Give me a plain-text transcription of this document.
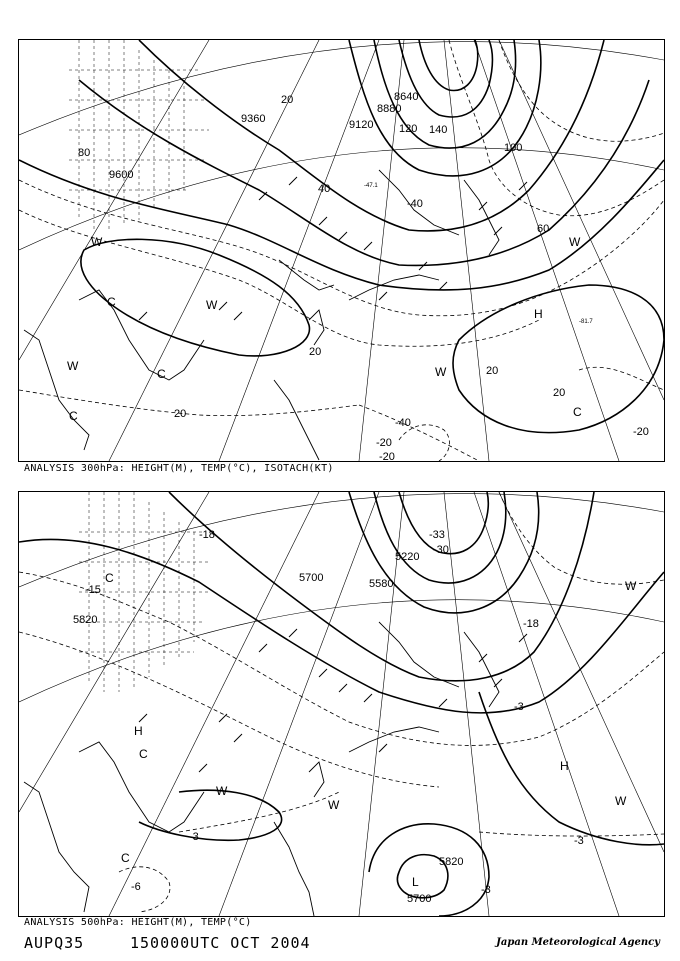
9600
9360	9120
8880
8640
-40
-47.1
-81.7
20
40
60
80	100
120 140
20
20
20
20
-20
-40
-20
-20
W
C
W
C
C
W
H
W
W
C
ANALYSIS 300hPa: HEIGHT(M), TEMP(°C), ISOTACH(KT)
5820
5700
5220
5580
5820
5700
-18
-15
-33
-30
-18
-3
-3	-3
-3
-6
C
H
C
W
W
H
W
W
C
L
ANALYSIS 500hPa: HEIGHT(M), TEMP(°C)
AUPQ35	150000UTC OCT 2004	Japan Meteorological Agency
